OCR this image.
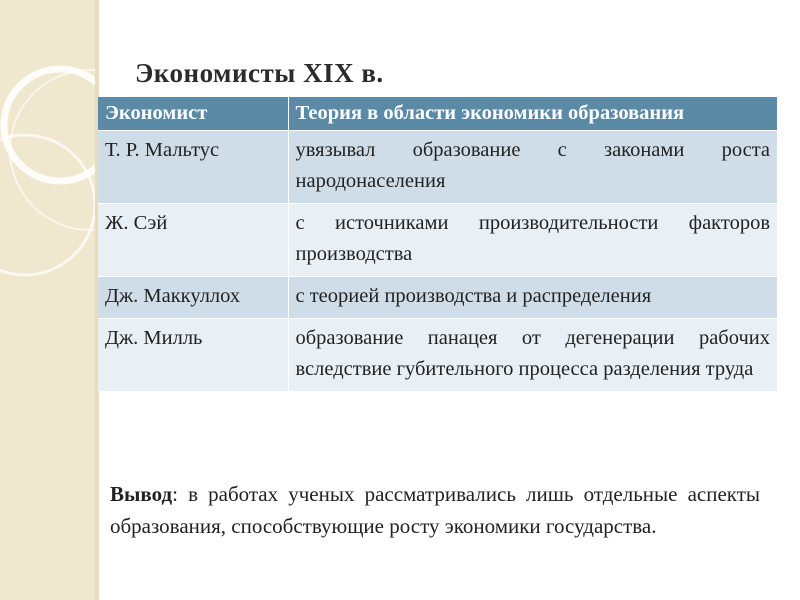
Экономисты XIX в.
Экономист	Теория в области экономики образования
Т. Р. Мальтус	увязывал образование с законами роста народонаселения
Ж. Сэй	с источниками производительности факторов производства
Дж. Маккуллох	с теорией производства и распределения
Дж. Милль	образование панацея от дегенерации рабочих вследствие губительного процесса разделения труда
Вывод: в работах ученых рассматривались лишь отдельные аспекты образования, способствующие росту экономики государства.
